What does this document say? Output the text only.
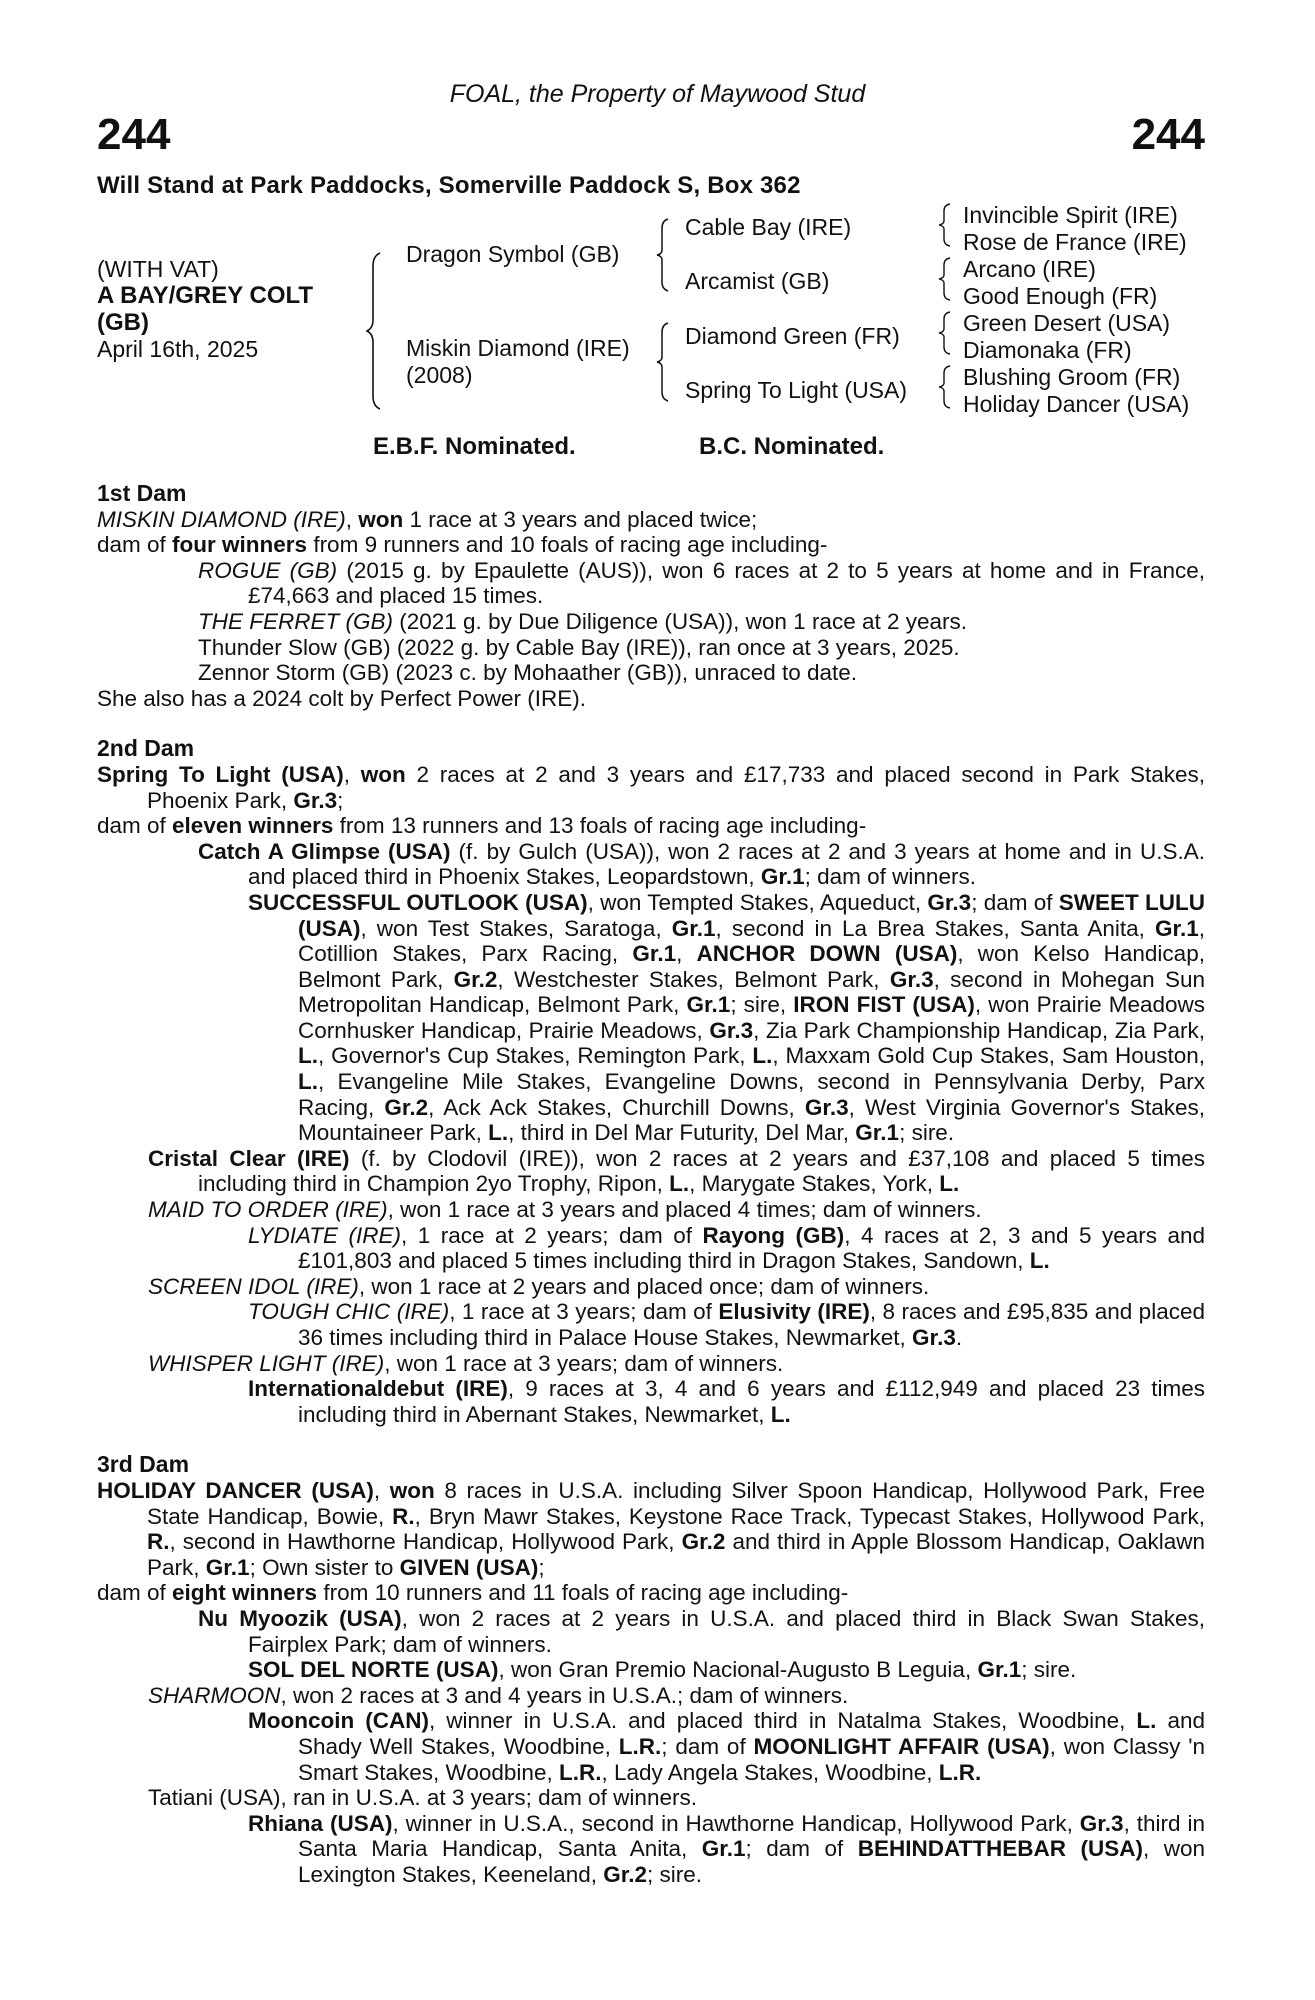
FOAL, the Property of Maywood Stud
244	244
Will Stand at Park Paddocks, Somerville Paddock S, Box 362
(WITH VAT)
A BAY/GREY COLT
(GB)
April 16th, 2025
Dragon Symbol (GB)
Miskin Diamond (IRE)
(2008)
Cable Bay (IRE)
Arcamist (GB)
Diamond Green (FR)
Spring To Light (USA)
Invincible Spirit (IRE)
Rose de France (IRE)
Arcano (IRE)
Good Enough (FR)
Green Desert (USA)
Diamonaka (FR)
Blushing Groom (FR)
Holiday Dancer (USA)
E.B.F. Nominated.	B.C. Nominated.

1st Dam

MISKIN DIAMOND (IRE), won 1 race at 3 years and placed twice;

dam of four winners from 9 runners and 10 foals of racing age including-

ROGUE (GB) (2015 g. by Epaulette (AUS)), won 6 races at 2 to 5 years at home and in France, £74,663 and placed 15 times.

THE FERRET (GB) (2021 g. by Due Diligence (USA)), won 1 race at 2 years.

Thunder Slow (GB) (2022 g. by Cable Bay (IRE)), ran once at 3 years, 2025.

Zennor Storm (GB) (2023 c. by Mohaather (GB)), unraced to date.

She also has a 2024 colt by Perfect Power (IRE).

2nd Dam

Spring To Light (USA), won 2 races at 2 and 3 years and £17,733 and placed second in Park Stakes, Phoenix Park, Gr.3;

dam of eleven winners from 13 runners and 13 foals of racing age including-

Catch A Glimpse (USA) (f. by Gulch (USA)), won 2 races at 2 and 3 years at home and in U.S.A. and placed third in Phoenix Stakes, Leopardstown, Gr.1; dam of winners.

SUCCESSFUL OUTLOOK (USA), won Tempted Stakes, Aqueduct, Gr.3; dam of SWEET LULU (USA), won Test Stakes, Saratoga, Gr.1, second in La Brea Stakes, Santa Anita, Gr.1, Cotillion Stakes, Parx Racing, Gr.1, ANCHOR DOWN (USA), won Kelso Handicap, Belmont Park, Gr.2, Westchester Stakes, Belmont Park, Gr.3, second in Mohegan Sun Metropolitan Handicap, Belmont Park, Gr.1; sire, IRON FIST (USA), won Prairie Meadows Cornhusker Handicap, Prairie Meadows, Gr.3, Zia Park Championship Handicap, Zia Park, L., Governor's Cup Stakes, Remington Park, L., Maxxam Gold Cup Stakes, Sam Houston, L., Evangeline Mile Stakes, Evangeline Downs, second in Pennsylvania Derby, Parx Racing, Gr.2, Ack Ack Stakes, Churchill Downs, Gr.3, West Virginia Governor's Stakes, Mountaineer Park, L., third in Del Mar Futurity, Del Mar, Gr.1; sire.

Cristal Clear (IRE) (f. by Clodovil (IRE)), won 2 races at 2 years and £37,108 and placed 5 times including third in Champion 2yo Trophy, Ripon, L., Marygate Stakes, York, L.

MAID TO ORDER (IRE), won 1 race at 3 years and placed 4 times; dam of winners.

LYDIATE (IRE), 1 race at 2 years; dam of Rayong (GB), 4 races at 2, 3 and 5 years and £101,803 and placed 5 times including third in Dragon Stakes, Sandown, L.

SCREEN IDOL (IRE), won 1 race at 2 years and placed once; dam of winners.

TOUGH CHIC (IRE), 1 race at 3 years; dam of Elusivity (IRE), 8 races and £95,835 and placed 36 times including third in Palace House Stakes, Newmarket, Gr.3.

WHISPER LIGHT (IRE), won 1 race at 3 years; dam of winners.

Internationaldebut (IRE), 9 races at 3, 4 and 6 years and £112,949 and placed 23 times including third in Abernant Stakes, Newmarket, L.

3rd Dam

HOLIDAY DANCER (USA), won 8 races in U.S.A. including Silver Spoon Handicap, Hollywood Park, Free State Handicap, Bowie, R., Bryn Mawr Stakes, Keystone Race Track, Typecast Stakes, Hollywood Park, R., second in Hawthorne Handicap, Hollywood Park, Gr.2 and third in Apple Blossom Handicap, Oaklawn Park, Gr.1; Own sister to GIVEN (USA);

dam of eight winners from 10 runners and 11 foals of racing age including-

Nu Myoozik (USA), won 2 races at 2 years in U.S.A. and placed third in Black Swan Stakes, Fairplex Park; dam of winners.

SOL DEL NORTE (USA), won Gran Premio Nacional-Augusto B Leguia, Gr.1; sire.

SHARMOON, won 2 races at 3 and 4 years in U.S.A.; dam of winners.

Mooncoin (CAN), winner in U.S.A. and placed third in Natalma Stakes, Woodbine, L. and Shady Well Stakes, Woodbine, L.R.; dam of MOONLIGHT AFFAIR (USA), won Classy 'n Smart Stakes, Woodbine, L.R., Lady Angela Stakes, Woodbine, L.R.

Tatiani (USA), ran in U.S.A. at 3 years; dam of winners.

Rhiana (USA), winner in U.S.A., second in Hawthorne Handicap, Hollywood Park, Gr.3, third in Santa Maria Handicap, Santa Anita, Gr.1; dam of BEHINDATTHEBAR (USA), won Lexington Stakes, Keeneland, Gr.2; sire.
